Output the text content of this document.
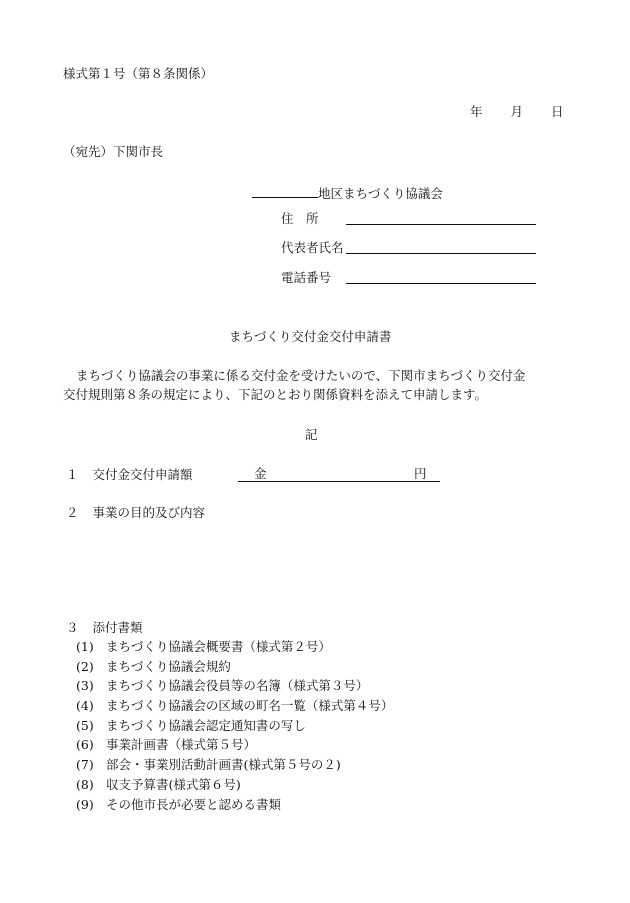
様式第１号（第８条関係）
年 月 日
（宛先）下関市長
地区まちづくり協議会
住　所
代表者氏名
電話番号
まちづくり交付金交付申請書
まちづくり協議会の事業に係る交付金を受けたいので、下関市まちづくり交付金
交付規則第８条の規定により、下記のとおり関係資料を添えて申請します。
記
１ 交付金交付申請額	金	円
２ 事業の目的及び内容
３ 添付書類
(1) まちづくり協議会概要書（様式第２号）
(2) まちづくり協議会規約
(3) まちづくり協議会役員等の名簿（様式第３号）
(4) まちづくり協議会の区域の町名一覧（様式第４号）
(5) まちづくり協議会認定通知書の写し
(6) 事業計画書（様式第５号）
(7) 部会・事業別活動計画書(様式第５号の２)
(8) 収支予算書(様式第６号)
(9) その他市長が必要と認める書類
